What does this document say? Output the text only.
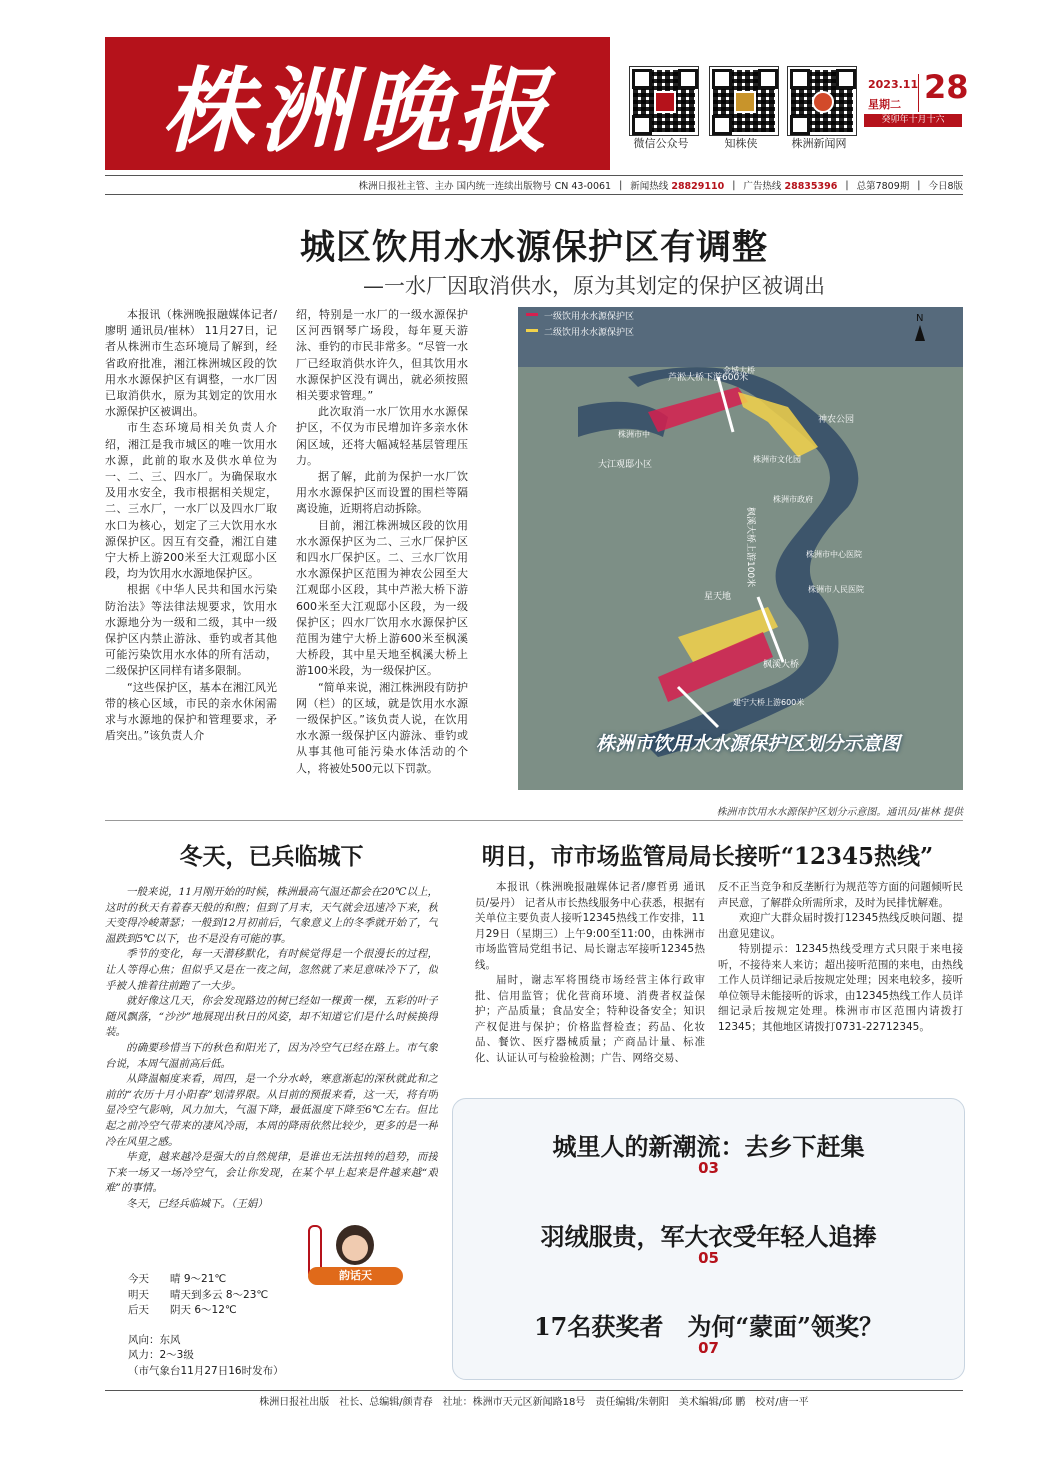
株洲晚报	微信公众号	知株侠	株洲新闻网
2023.11
星期二 28
癸卯年十月十六
株洲日报社主管、主办 国内统一连续出版物号 CN 43-0061 | 新闻热线 28829110 | 广告热线 28835396 | 总第7809期 | 今日8版
城区饮用水水源保护区有调整
—一水厂因取消供水，原为其划定的保护区被调出

本报讯（株洲晚报融媒体记者/廖明 通讯员/崔林） 11月27日，记者从株洲市生态环境局了解到，经省政府批准，湘江株洲城区段的饮用水水源保护区有调整，一水厂因已取消供水，原为其划定的饮用水水源保护区被调出。

市生态环境局相关负责人介绍，湘江是我市城区的唯一饮用水水源，此前的取水及供水单位为一、二、三、四水厂。为确保取水及用水安全，我市根据相关规定，二、三水厂，一水厂以及四水厂取水口为核心，划定了三大饮用水水源保护区。因互有交叠，湘江自建宁大桥上游200米至大江观邸小区段，均为饮用水水源地保护区。

根据《中华人民共和国水污染防治法》等法律法规要求，饮用水水源地分为一级和二级，其中一级保护区内禁止游泳、垂钓或者其他可能污染饮用水水体的所有活动，二级保护区同样有诸多限制。

“这些保护区，基本在湘江风光带的核心区域，市民的亲水休闲需求与水源地的保护和管理要求，矛盾突出。”该负责人介

绍，特别是一水厂的一级水源保护区河西钢琴广场段，每年夏天游泳、垂钓的市民非常多。“尽管一水厂已经取消供水许久，但其饮用水水源保护区没有调出，就必须按照相关要求管理。”

此次取消一水厂饮用水水源保护区，不仅为市民增加许多亲水休闲区域，还将大幅减轻基层管理压力。

据了解，此前为保护一水厂饮用水水源保护区而设置的围栏等隔离设施，近期将启动拆除。

目前，湘江株洲城区段的饮用水水源保护区为二、三水厂保护区和四水厂保护区。二、三水厂饮用水水源保护区范围为神农公园至大江观邸小区段，其中芦淞大桥下游600米至大江观邸小区段，为一级保护区；四水厂饮用水水源保护区范围为建宁大桥上游600米至枫溪大桥段，其中星天地至枫溪大桥上游100米段，为一级保护区。

“简单来说，湘江株洲段有防护网（栏）的区域，就是饮用水水源一级保护区。”该负责人说，在饮用水水源一级保护区内游泳、垂钓或从事其他可能污染水体活动的个人，将被处500元以下罚款。

一级饮用水水源保护区
二级饮用水水源保护区
N
芦淞大桥下游600米
神农公园
大江观邸小区
株洲市中
株洲市文化园
株洲市政府
枫溪大桥上游100米	株洲市中心医院
星天地
枫溪大桥
建宁大桥上游600米
金城大桥
株洲市人民医院
株洲市饮用水水源保护区划分示意图
株洲市饮用水水源保护区划分示意图。通讯员/崔林 提供
冬天，已兵临城下

一般来说，11月刚开始的时候，株洲最高气温还都会在20℃以上，这时的秋天有着春天般的和煦；但到了月末，天气就会迅速冷下来，秋天变得冷峻萧瑟；一般到12月初前后，气象意义上的冬季就开始了，气温跌到5℃以下，也不是没有可能的事。

季节的变化，每一天潜移默化，有时候觉得是一个很漫长的过程，让人等得心焦；但似乎又是在一夜之间，忽然就了来足意味冷下了，似乎被人推着往前跑了一大步。

就好像这几天，你会发现路边的树已经如一棵黄一棵，五彩的叶子随风飘落，“沙沙”地展现出秋日的风姿，却不知道它们是什么时候换得装。

的确要珍惜当下的秋色和阳光了，因为冷空气已经在路上。市气象台说，本周气温前高后低。

从降温幅度来看，周四，是一个分水岭，寒意渐起的深秋就此和之前的“农历十月小阳春”划清界限。从目前的预报来看，这一天，将有明显冷空气影响，风力加大，气温下降，最低温度下降至6℃左右。但比起之前冷空气带来的凄风冷雨，本周的降雨依然比较少，更多的是一种冷在风里之感。

毕竟，越来越冷是强大的自然规律，是谁也无法扭转的趋势，而接下来一场又一场冷空气，会让你发现，在某个早上起来是件越来越“艰难”的事情。

冬天，已经兵临城下。（王娟）

韵话天
今天 晴 9～21℃
明天 晴天到多云 8～23℃
后天 阴天 6～12℃
风向：东风
风力：2～3级
（市气象台11月27日16时发布）
明日，市市场监管局局长接听“12345热线”

本报讯（株洲晚报融媒体记者/廖哲勇 通讯员/晏丹） 记者从市长热线服务中心获悉，根据有关单位主要负责人接听12345热线工作安排，11月29日（星期三）上午9:00至11:00，由株洲市市场监管局党组书记、局长谢志军接听12345热线。

届时，谢志军将围绕市场经营主体行政审批、信用监管；优化营商环境、消费者权益保护；产品质量；食品安全；特种设备安全；知识产权促进与保护；价格监督检查；药品、化妆品、餐饮、医疗器械质量；产商品计量、标准化、认证认可与检验检测；广告、网络交易、

反不正当竞争和反垄断行为规范等方面的问题倾听民声民意，了解群众所需所求，及时为民排忧解难。

欢迎广大群众届时拨打12345热线反映问题、提出意见建议。

特别提示：12345热线受理方式只限于来电接听，不接待来人来访；超出接听范围的来电，由热线工作人员详细记录后按规定处理；因来电较多，接听单位领导未能接听的诉求，由12345热线工作人员详细记录后按规定处理。株洲市市区范围内请拨打12345；其他地区请拨打0731-22712345。

城里人的新潮流：去乡下赶集
03
羽绒服贵，军大衣受年轻人追捧
05
17名获奖者　为何“蒙面”领奖？
07
株洲日报社出版　社长、总编辑/颜青春　社址：株洲市天元区新闻路18号　责任编辑/朱朝阳　美术编辑/邱 鹏　校对/唐一平
